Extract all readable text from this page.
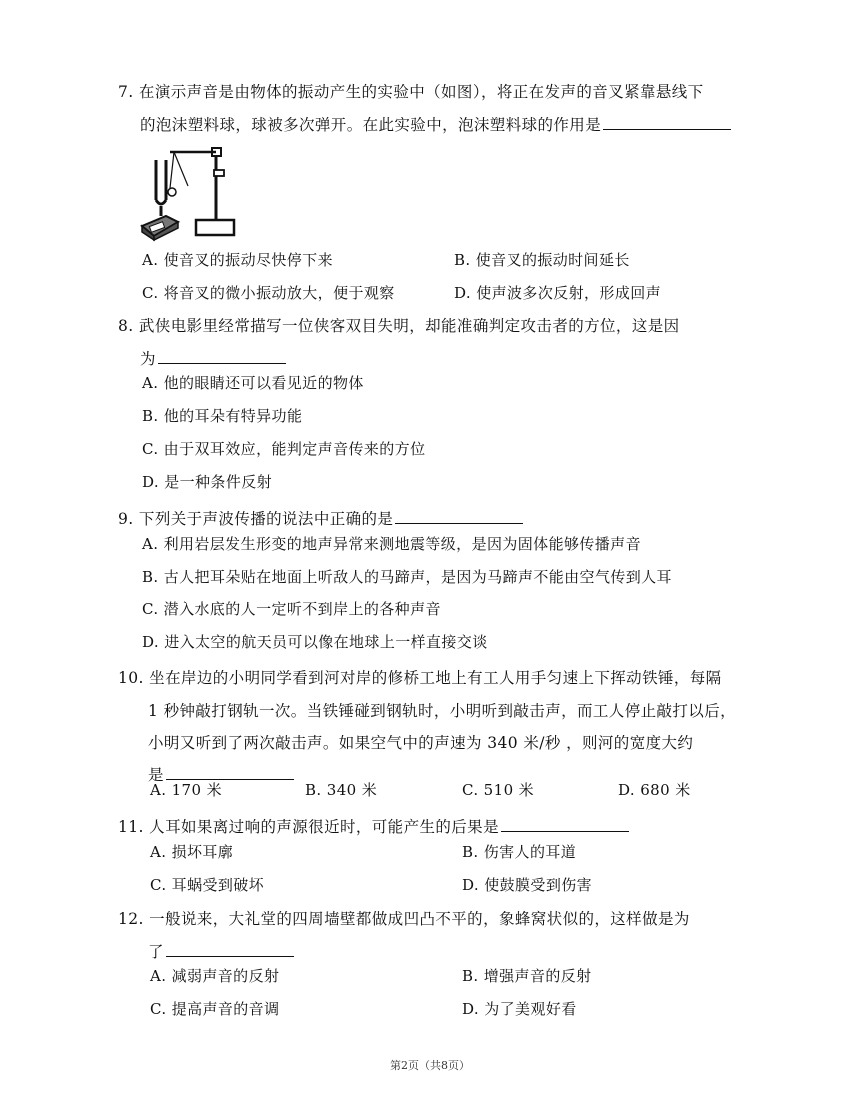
7. 在演示声音是由物体的振动产生的实验中（如图），将正在发声的音叉紧靠悬线下
的泡沫塑料球，球被多次弹开。在此实验中，泡沫塑料球的作用是
A. 使音叉的振动尽快停下来	B. 使音叉的振动时间延长
C. 将音叉的微小振动放大，便于观察	D. 使声波多次反射，形成回声
8. 武侠电影里经常描写一位侠客双目失明，却能准确判定攻击者的方位，这是因
为
A. 他的眼睛还可以看见近的物体
B. 他的耳朵有特异功能
C. 由于双耳效应，能判定声音传来的方位
D. 是一种条件反射
9. 下列关于声波传播的说法中正确的是
A. 利用岩层发生形变的地声异常来测地震等级，是因为固体能够传播声音
B. 古人把耳朵贴在地面上听敌人的马蹄声，是因为马蹄声不能由空气传到人耳
C. 潜入水底的人一定听不到岸上的各种声音
D. 进入太空的航天员可以像在地球上一样直接交谈
10. 坐在岸边的小明同学看到河对岸的修桥工地上有工人用手匀速上下挥动铁锤，每隔
1 秒钟敲打钢轨一次。当铁锤碰到钢轨时，小明听到敲击声，而工人停止敲打以后，
小明又听到了两次敲击声。如果空气中的声速为 340 米/秒 ，则河的宽度大约
是
A. 170 米	B. 340 米	C. 510 米	D. 680 米
11. 人耳如果离过响的声源很近时，可能产生的后果是
A. 损坏耳廓	B. 伤害人的耳道
C. 耳蜗受到破坏	D. 使鼓膜受到伤害
12. 一般说来，大礼堂的四周墙壁都做成凹凸不平的，象蜂窝状似的，这样做是为
了
A. 减弱声音的反射	B. 增强声音的反射
C. 提高声音的音调	D. 为了美观好看
第2页（共8页）
